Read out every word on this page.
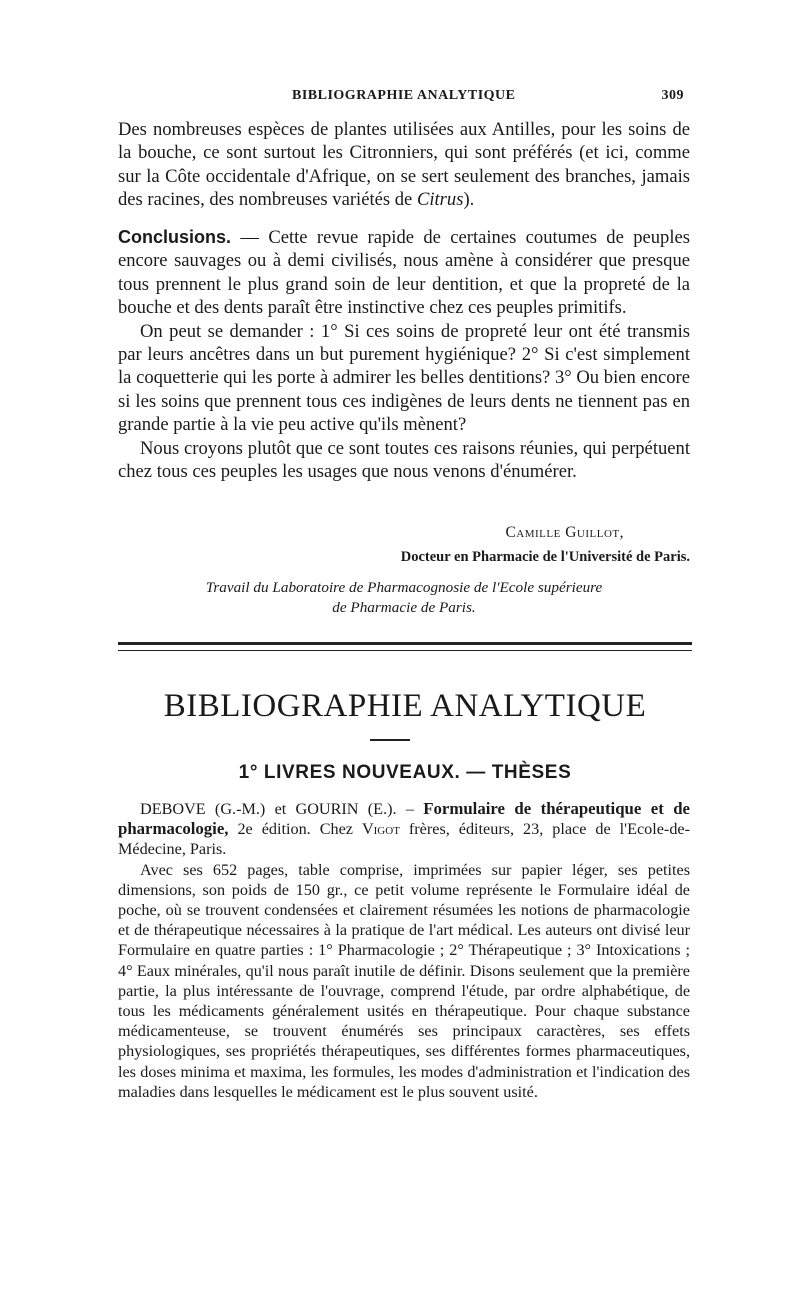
BIBLIOGRAPHIE ANALYTIQUE	309

Des nombreuses espèces de plantes utilisées aux Antilles, pour les soins de la bouche, ce sont surtout les Citronniers, qui sont préférés (et ici, comme sur la Côte occidentale d'Afrique, on se sert seulement des branches, jamais des racines, des nombreuses variétés de Citrus).

Conclusions. — Cette revue rapide de certaines coutumes de peuples encore sauvages ou à demi civilisés, nous amène à considérer que presque tous prennent le plus grand soin de leur dentition, et que la propreté de la bouche et des dents paraît être instinctive chez ces peuples primitifs.

On peut se demander : 1° Si ces soins de propreté leur ont été transmis par leurs ancêtres dans un but purement hygiénique? 2° Si c'est simplement la coquetterie qui les porte à admirer les belles dentitions? 3° Ou bien encore si les soins que prennent tous ces indigènes de leurs dents ne tiennent pas en grande partie à la vie peu active qu'ils mènent?

Nous croyons plutôt que ce sont toutes ces raisons réunies, qui perpétuent chez tous ces peuples les usages que nous venons d'énumérer.

Camille Guillot,
Docteur en Pharmacie de l'Université de Paris.
Travail du Laboratoire de Pharmacognosie de l'Ecole supérieure
de Pharmacie de Paris.
BIBLIOGRAPHIE ANALYTIQUE
1° LIVRES NOUVEAUX. — THÈSES

DEBOVE (G.-M.) et GOURIN (E.). – Formulaire de thérapeutique et de pharmacologie, 2e édition. Chez Vigot frères, éditeurs, 23, place de l'Ecole-de-Médecine, Paris.

Avec ses 652 pages, table comprise, imprimées sur papier léger, ses petites dimensions, son poids de 150 gr., ce petit volume représente le Formulaire idéal de poche, où se trouvent condensées et clairement résumées les notions de pharmacologie et de thérapeutique nécessaires à la pratique de l'art médical. Les auteurs ont divisé leur Formulaire en quatre parties : 1° Pharmacologie ; 2° Thérapeutique ; 3° Intoxications ; 4° Eaux minérales, qu'il nous paraît inutile de définir. Disons seulement que la première partie, la plus intéressante de l'ouvrage, comprend l'étude, par ordre alphabétique, de tous les médicaments généralement usités en thérapeutique. Pour chaque substance médicamenteuse, se trouvent énumérés ses principaux caractères, ses effets physiologiques, ses propriétés thérapeutiques, ses différentes formes pharmaceutiques, les doses minima et maxima, les formules, les modes d'administration et l'indication des maladies dans lesquelles le médicament est le plus souvent usité.
